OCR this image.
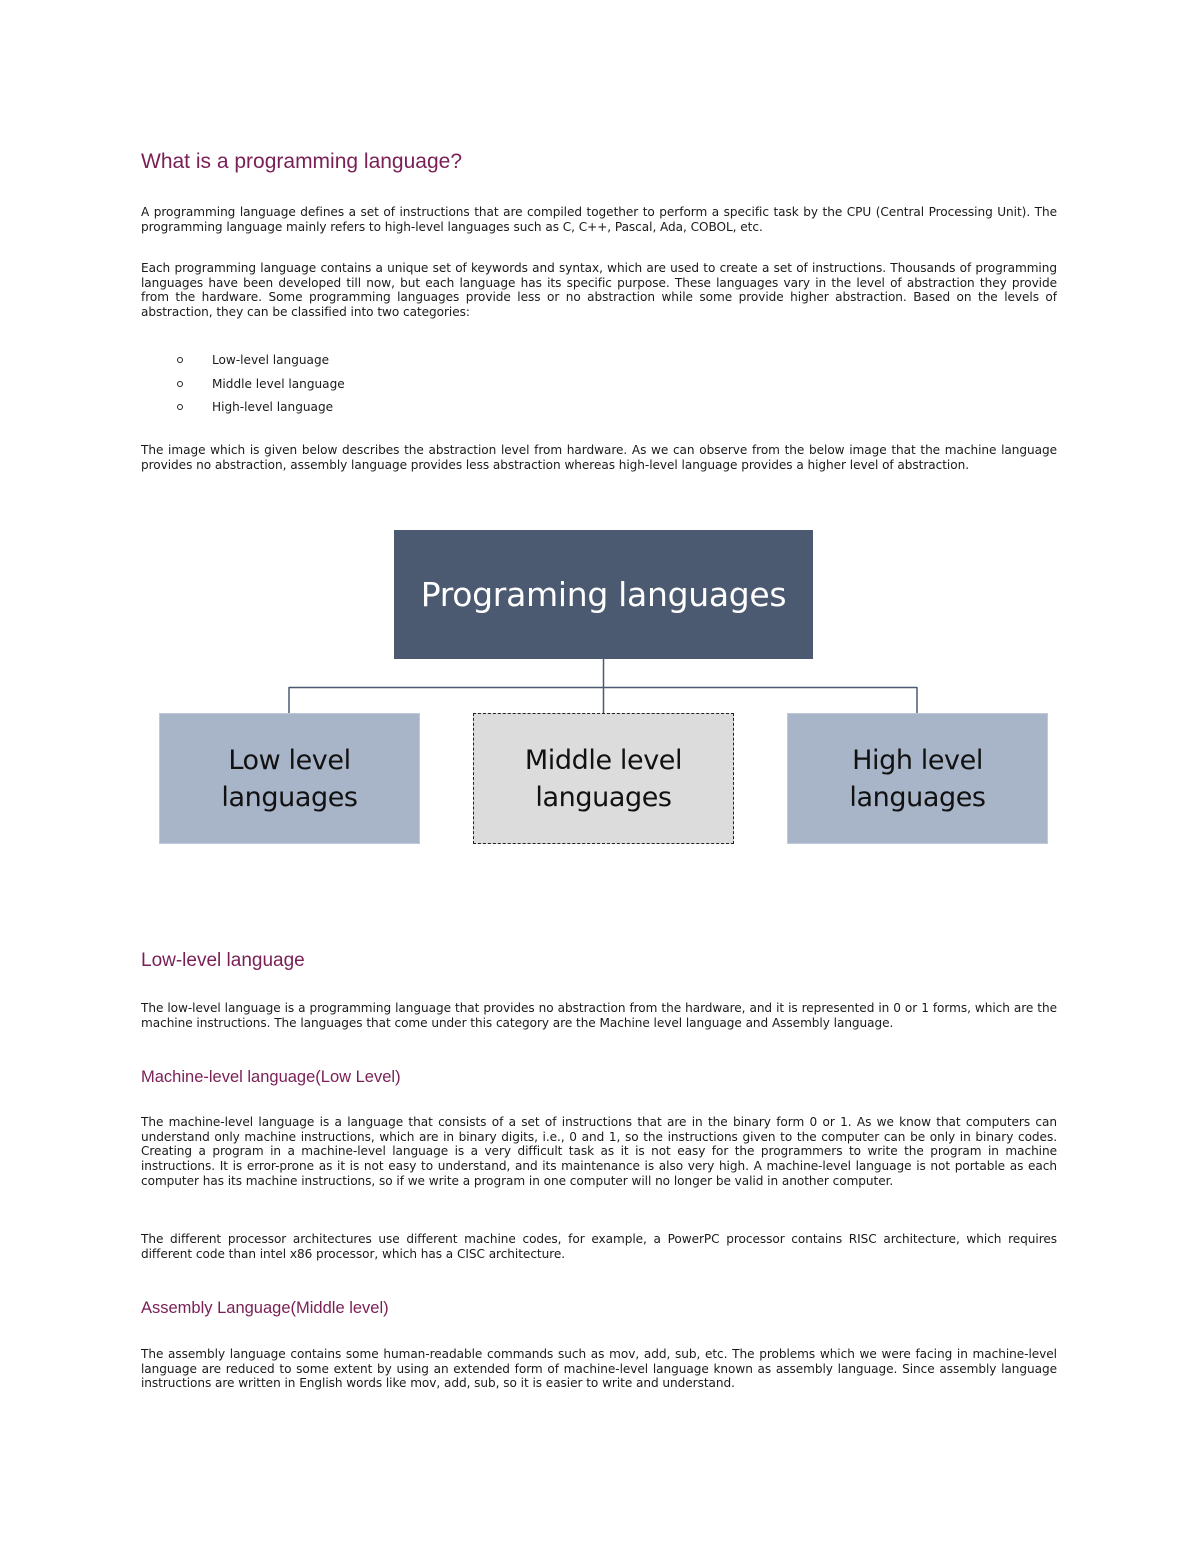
What is a programming language?

A programming language defines a set of instructions that are compiled together to perform a specific task by the CPU (Central Processing Unit). The programming language mainly refers to high-level languages such as C, C++, Pascal, Ada, COBOL, etc.

Each programming language contains a unique set of keywords and syntax, which are used to create a set of instructions. Thousands of programming languages have been developed till now, but each language has its specific purpose. These languages vary in the level of abstraction they provide from the hardware. Some programming languages provide less or no abstraction while some provide higher abstraction. Based on the levels of abstraction, they can be classified into two categories:

Low-level language
Middle level language
High-level language

The image which is given below describes the abstraction level from hardware. As we can observe from the below image that the machine language provides no abstraction, assembly language provides less abstraction whereas high-level language provides a higher level of abstraction.

Programing languages
Low level
languages
Middle level
languages
High level
languages
Low-level language

The low-level language is a programming language that provides no abstraction from the hardware, and it is represented in 0 or 1 forms, which are the machine instructions. The languages that come under this category are the Machine level language and Assembly language.

Machine-level language(Low Level)

The machine-level language is a language that consists of a set of instructions that are in the binary form 0 or 1. As we know that computers can understand only machine instructions, which are in binary digits, i.e., 0 and 1, so the instructions given to the computer can be only in binary codes. Creating a program in a machine-level language is a very difficult task as it is not easy for the programmers to write the program in machine instructions. It is error-prone as it is not easy to understand, and its maintenance is also very high. A machine-level language is not portable as each computer has its machine instructions, so if we write a program in one computer will no longer be valid in another computer.

The different processor architectures use different machine codes, for example, a PowerPC processor contains RISC architecture, which requires different code than intel x86 processor, which has a CISC architecture.

Assembly Language(Middle level)

The assembly language contains some human-readable commands such as mov, add, sub, etc. The problems which we were facing in machine-level language are reduced to some extent by using an extended form of machine-level language known as assembly language. Since assembly language instructions are written in English words like mov, add, sub, so it is easier to write and understand.
